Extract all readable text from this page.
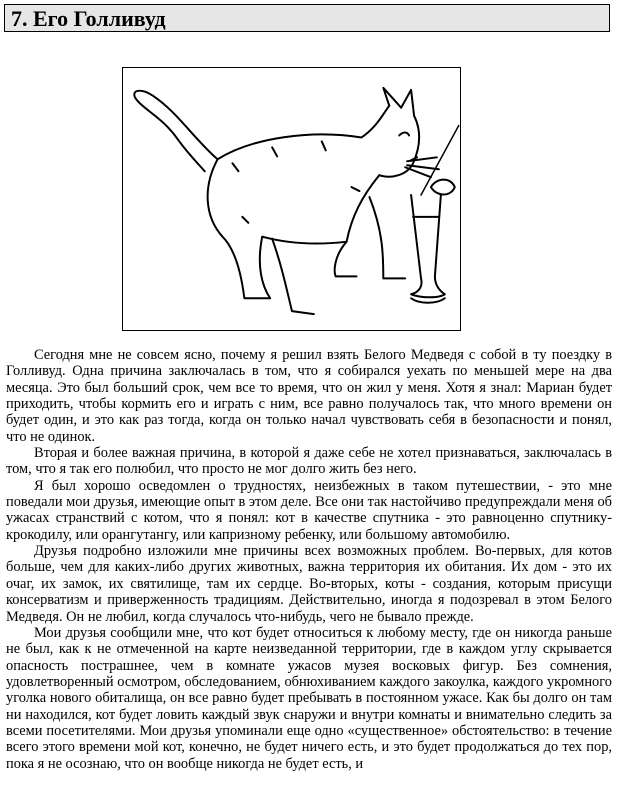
7. Его Голливуд

Сегодня мне не совсем ясно, почему я решил взять Белого Медведя с собой в ту поездку в Голливуд. Одна причина заключалась в том, что я собирался уехать по меньшей мере на два месяца. Это был больший срок, чем все то время, что он жил у меня. Хотя я знал: Мариан будет приходить, чтобы кормить его и играть с ним, все равно получалось так, что много времени он будет один, и это как раз тогда, когда он только начал чувствовать себя в безопасности и понял, что не одинок.

Вторая и более важная причина, в которой я даже себе не хотел признаваться, заключалась в том, что я так его полюбил, что просто не мог долго жить без него.

Я был хорошо осведомлен о трудностях, неизбежных в таком путешествии, - это мне поведали мои друзья, имеющие опыт в этом деле. Все они так настойчиво предупреждали меня об ужасах странствий с котом, что я понял: кот в качестве спутника - это равноценно спутнику-крокодилу, или орангутангу, или капризному ребенку, или большому автомобилю.

Друзья подробно изложили мне причины всех возможных проблем. Во-первых, для котов больше, чем для каких-либо других животных, важна территория их обитания. Их дом - это их очаг, их замок, их святилище, там их сердце. Во-вторых, коты - создания, которым присущи консерватизм и приверженность традициям. Действительно, иногда я подозревал в этом Белого Медведя. Он не любил, когда случалось что-нибудь, чего не бывало прежде.

Мои друзья сообщили мне, что кот будет относиться к любому месту, где он никогда раньше не был, как к не отмеченной на карте неизведанной территории, где в каждом углу скрывается опасность пострашнее, чем в комнате ужасов музея восковых фигур. Без сомнения, удовлетворенный осмотром, обследованием, обнюхиванием каждого закоулка, каждого укромного уголка нового обиталища, он все равно будет пребывать в постоянном ужасе. Как бы долго он там ни находился, кот будет ловить каждый звук снаружи и внутри комнаты и внимательно следить за всеми посетителями. Мои друзья упоминали еще одно «существенное» обстоятельство: в течение всего этого времени мой кот, конечно, не будет ничего есть, и это будет продолжаться до тех пор, пока я не осознаю, что он вообще никогда не будет есть, и
